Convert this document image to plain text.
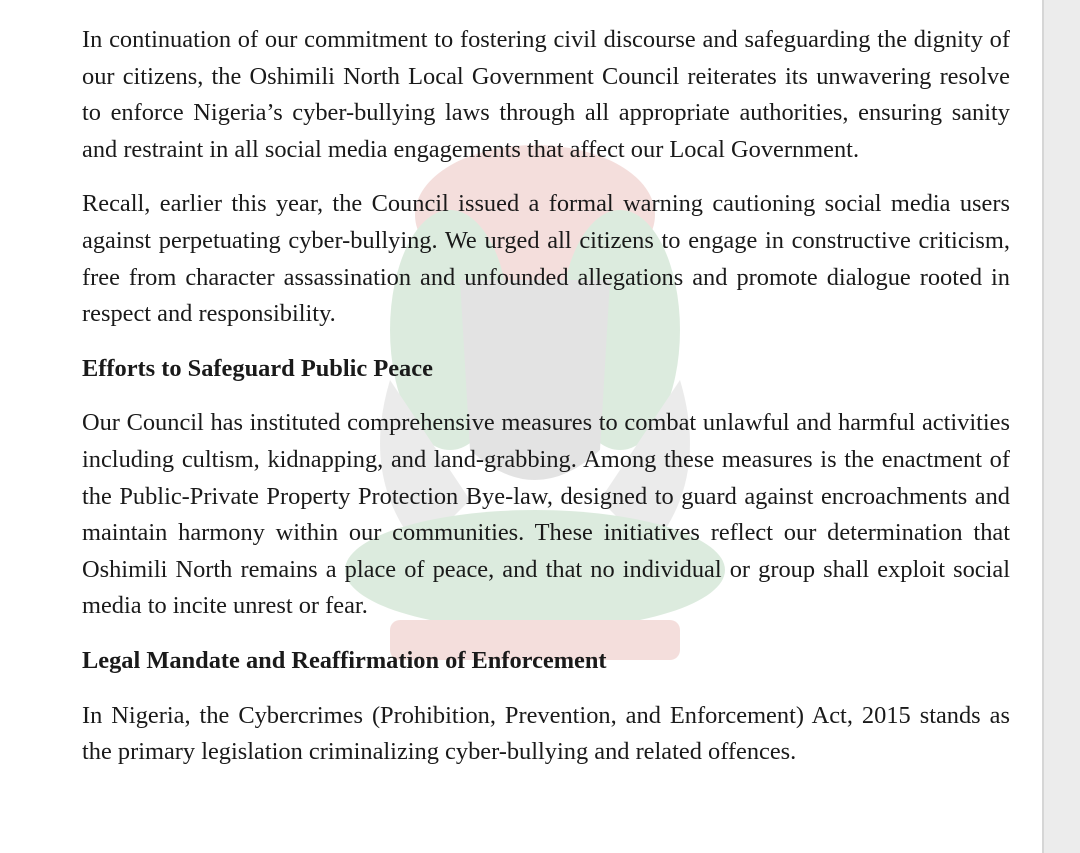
In continuation of our commitment to fostering civil discourse and safeguarding the dignity of our citizens, the Oshimili North Local Government Council reiterates its unwavering resolve to enforce Nigeria’s cyber-bullying laws through all appropriate authorities, ensuring sanity and restraint in all social media engagements that affect our Local Government.

Recall, earlier this year, the Council issued a formal warning cautioning social media users against perpetuating cyber-bullying. We urged all citizens to engage in constructive criticism, free from character assassination and unfounded allegations and promote dialogue rooted in respect and responsibility.

Efforts to Safeguard Public Peace

Our Council has instituted comprehensive measures to combat unlawful and harmful activities including cultism, kidnapping, and land-grabbing. Among these measures is the enactment of the Public-Private Property Protection Bye-law, designed to guard against encroachments and maintain harmony within our communities. These initiatives reflect our determination that Oshimili North remains a place of peace, and that no individual or group shall exploit social media to incite unrest or fear.

Legal Mandate and Reaffirmation of Enforcement

In Nigeria, the Cybercrimes (Prohibition, Prevention, and Enforcement) Act, 2015 stands as the primary legislation criminalizing cyber-bullying and related offences.
